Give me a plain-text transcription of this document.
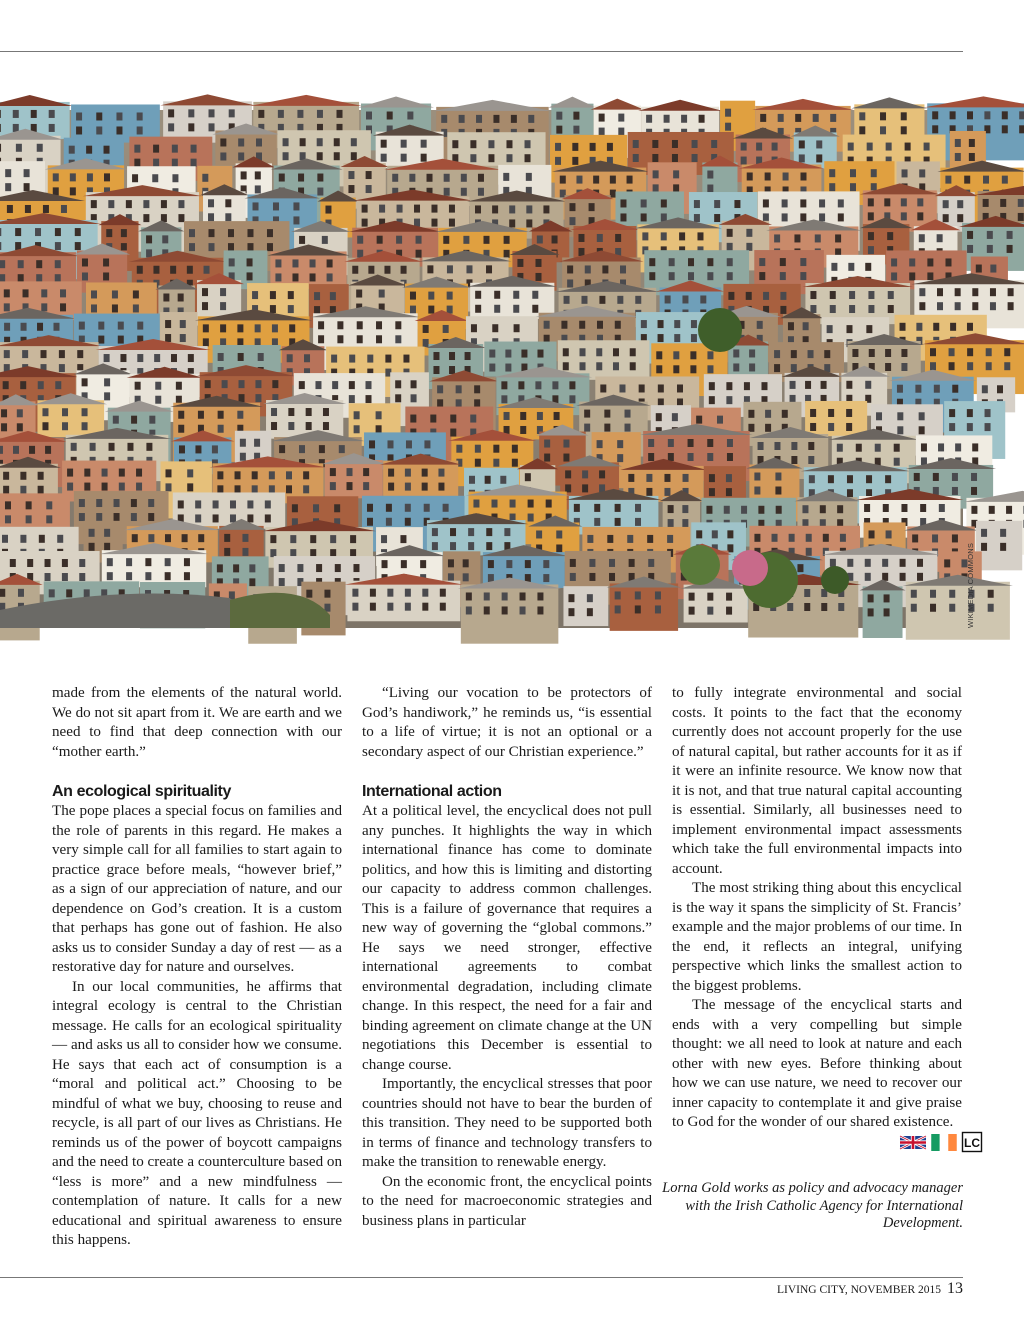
WIKIMEDIA COMMONS

made from the elements of the natural world. We do not sit apart from it. We are earth and we need to find that deep connection with our “mother earth.”

An ecological spirituality

The pope places a special focus on families and the role of parents in this regard. He makes a very simple call for all families to start again to practice grace before meals, “however brief,” as a sign of our appreciation of nature, and our dependence on God’s creation. It is a custom that perhaps has gone out of fashion. He also asks us to consider Sunday a day of rest — as a restorative day for nature and ourselves.

In our local communities, he affirms that integral ecology is central to the Christian message. He calls for an ecological spirituality — and asks us all to consider how we consume. He says that each act of consumption is a “moral and political act.” Choosing to be mindful of what we buy, choosing to reuse and recycle, is all part of our lives as Christians. He reminds us of the power of boycott campaigns and the need to create a counterculture based on “less is more” and a new mindfulness — contemplation of nature. It calls for a new educational and spiritual awareness to ensure this happens.

“Living our vocation to be protectors of God’s handiwork,” he reminds us, “is essential to a life of virtue; it is not an optional or a secondary aspect of our Christian experience.”

International action

At a political level, the encyclical does not pull any punches. It highlights the way in which international finance has come to dominate politics, and how this is limiting and distorting our capacity to address common challenges. This is a failure of governance that requires a new way of governing the “global commons.” He says we need stronger, effective international agreements to combat environmental degradation, including climate change. In this respect, the need for a fair and binding agreement on climate change at the UN negotiations this December is essential to change course.

Importantly, the encyclical stresses that poor countries should not have to bear the burden of this transition. They need to be supported both in terms of finance and technology transfers to make the transition to renewable energy.

On the economic front, the encyclical points to the need for macroeconomic strategies and business plans in particular

to fully integrate environmental and social costs. It points to the fact that the economy currently does not account properly for the use of natural capital, but rather accounts for it as if it were an infinite resource. We know now that it is not, and that true natural capital accounting is essential. Similarly, all businesses need to implement environmental impact assessments which take the full environmental impacts into account.

The most striking thing about this encyclical is the way it spans the simplicity of St. Francis’ example and the major problems of our time. In the end, it reflects an integral, unifying perspective which links the smallest action to the biggest problems.

The message of the encyclical starts and ends with a very compelling but simple thought: we all need to look at nature and each other with new eyes. Before thinking about how we can use nature, we need to recover our inner capacity to contemplate it and give praise to God for the wonder of our shared existence.
LC

Lorna Gold works as policy and advocacy manager with the Irish Catholic Agency for International Development.
LIVING CITY, NOVEMBER 2015 13
